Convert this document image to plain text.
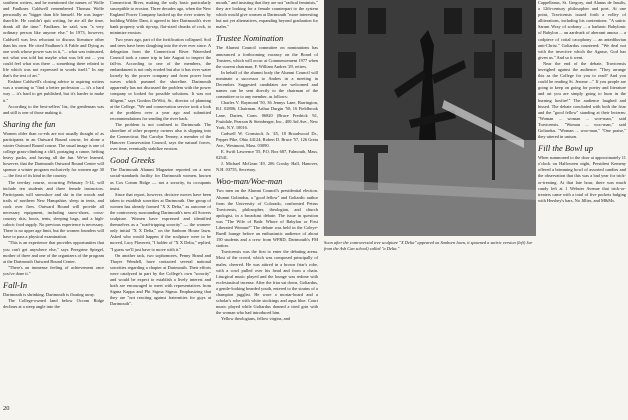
southern writers, and he mentioned the names of Wolfe and Faulkner. Caldwell remembered Thomas Wolfe personally as "bigger than life himself. He was larger-than-life. He couldn't quit writing, he ate all the time, drank all the time." Faulkner, he said, was "a very ordinary person like anyone else." In 1973, however, Caldwell was less reluctant to discuss literature other than his own. He cited Faulkner's A Fable and Dying as one work whose power was in it, "... what was intimated, not what was told but maybe what was left out ... you could feel what was there ... something there related to life which was not expressed in words itself." In any that's the text of art."

Erskine Caldwell's closing advice to aspiring writers was a warning to "find a better profession — it's a hard way ... it's hard to get published, but it's harder to make it."

According to the best-sellers' list, the gentleman was and still is one of those making it.

Sharing the fun

Women older than co-eds are not usually thought of as participants in an Outward Bound course, let alone a winter Outward Bound course. The usual image is one of college grass-climbing a cliff, portaging a canoe, hefting heavy packs, and having all the fun. We've learned, however, that the Dartmouth Outward Bound Center will sponsor a winter program exclusively for women age 30 — the first of its kind in the country.

The ten-day course, occurring February 5-14, will include ten students and three female instructors. Participants will snowshoe and ski in the woods and trails of northern New Hampshire, sleep in tents, and cook over fires. Outward Bound will provide all necessary equipment, including snow-shoes, cross-country skis, boots, tents, sleeping bags, and a high-caloric food supply. No previous experience is necessary. There is no upper age limit, but the women founders will have to pass a physical examination.

"This is an experience that provides opportunities that you can't get anywhere else," says Peregrine Spiegel, mother of three and one of the organizers of the program at the Dartmouth Outward Bound Center.

"There's an immense feeling of achievement once you've done it."

Fall-In

Dartmouth is shrinking. Dartmouth is floating away.

The College-owned land below Occom Ridge declines at a steep angle into the

Connecticut River, making the soily basic particularly susceptible to erosion. Three decades ago, when the New England Power Company backed up the river waters by building Wilder Dam, it agreed to hire Dartmouth's river bank property with rip-rap, flat-sized chunks of rock, to minimize erosion.

Two years ago, part of the fortification collapsed. Soil and trees have been sloughing into the river ever since. A delegation from the Connecticut River Watershed Council took a canoe trip in late August to inspect the fall-in. According to one of the members, the embankment is not only eroded but also it has river water loosely by the power company and from power boat waves which pummel the shoreline. Dartmouth apparently has not discussed the problem with the power company or looked for possible solutions. It was not diligent," says Gordon DeWitt, Sr., director of planning at the College. "We and conservation service took a look at the problem over a year ago and submitted recommendations for sending the river back.

The problem is not confined to Dartmouth. The shoreline of other property owners also is slipping into the Connecticut. But Carolyn Tenney, a member of the Hanover Conservation Council, says the natural forces, over time, eventually stabilize erosion.

Good Greeks

The Dartmouth Alumni Magazine reported on a new social-standards facility for Dartmouth women, known as Cox Comm Ridge — not a sorority, its occupants insist.

Since that report, however, decisive moves have been taken to establish sororities at Dartmouth. One group of women has already formed "X X Delta," as outcome of the controversy surrounding Dartmouth's new all Sowers sculpture. Women have expressed and identified themselves as a "road-tripping sorority" — the women-only initial "X X Delta," on the Sanborn House lawn. Asked who would happen if the sculpture were to be moved, Lucy Flaverett, "I holder of "X X Delta," replied, "I guess we'll just have to move with it."

On another tack, two sophomores, Penny Brand and Thayer Wendell, have contacted several national sororities regarding a chapter at Dartmouth. Their efforts were catalyzed in part by the College's own "sorority" and would be expect to establish a lively interest and both are encouraged to meet with representatives from Sigma Kappa and Phi Sigma Sigma. Emphasizing that they are "not reacting against fraternities for guys at Dartmouth".

mouth," and insisting that they are not "radical feminists," they are looking for a female counterpart to the system which would give women at Dartmouth "more interesting but not yet alternatives, expanding beyond graduation for males."

Trustee Nomination

The Alumni Council committee on nominations has announced a forthcoming vacancy on the Board of Trustees, which will occur at Commencement 1977 when the current chairman, F. William Andres '29, retires.

In behalf of the alumni body the Alumni Council will nominate a successor to Andres in a meeting in December. Suggested candidates are welcomed and names can be sent directly to the chairman of the committee or to any member, as follows:

Charles V. Raymond '50, 36 Jennys Lane, Barrington, R.I. 02806; Chairman. Arthur Durgin '50; 16 Fieldbrook Lane, Darien, Conn. 06820 (Bruce Fredrick '61, Fruitdale, Pearson & Steinberger, Inc., 400 3rd Ave., New York, N.Y. 10016.

Cadwell W. Cornstock Jr. '45, 18 Broadwood Dr., Pepper Pike, Ohio 44124; Robert D. Bruce '57, 126 Greta Ave., Westmont, Mass. 03090.

E. Swift Lawrence '55, P.O. Box 687, Falmouth, Mass. 02541.

J. Michael McGean '49, 206 Crosby Hall, Hanover, N.H. 03755, Secretary.

Woo-man/Woe-man

Two men on the Alumni Council's presidential election. Alumni Goliardus, a "good fellow" and Goliardic author from the University of Colorado, confronted Petrus Travicensis, philosopher, theologian, and church apologist, in a broadcast debate. The issue in question was "The Wife of Bath: Whore of Babylon or First Liberated Woman?" The debate was held in the Coleye-Ruedl lounge before an enthusiastic audience of about 150 students and a crew from WFRD, Dartmouth's FM station.

Travicensis was the first to enter the debating arena. Most of the crowd, which was composed principally of males, cheered. He was attired in a brown friar's robe, with a cowl pulled over his head and from a chain. Liturgical music played and the lounge was redone with ecclesiastical incense. After the friar sat down, Goliardus, a gentle-looking bearded youth, entered to the strains of a champion jugglist. He wore a mortar-board and a scholar's robe with white stockings and aqua blue. Court music played while Goliardus donned a tired grin with the woman who had introduced him.

Yellow theologians, fellow virgins, and

Soon after the controversial tree sculpture "X Delta" appeared on Sanborn lawn, it spawned a satiric version (left) Jar from the Ash Can school) called "a Delta."

Cappellanus, St. Gregory, and Alanus de Insulis, a 12th-century philosopher and poet. At one point, Travicensis issued forth a volley of alliterations, including his contentions: "A satiric Sarum Wray of sodomy ... a barbaric Babylonic of Babylon ... an aardvark of aberrant amour ... a codpiece of coital cacophony ... an antediluvian anti-Christ." Goliardus countered: "We deal not with the invective which the Agasse, God has given us." And so it went.

Near the end of the debate, Travicensis inveighed against the audience: "They arrange this as the College for you to read? And you could be reading St. Jerome ..." If you people are going to keep on going for poetry and literature and art you are simply going to burn in the burning hosfire!" The audience laughed and hissed. The debate concluded with both the friar and the "good fellow" standing at their lecterns: "Woman ... woman ... woe-man," said Travicensis. "Woman ... woo-man," said Goliardus. "Woman ... woo-man," "One praise," they uttered in unison.

Fill the Bowl up

When summoned to the door at approximately 11 o'clock on Halloween night, President Kemeny offered a brimming bowl of assorted candies and the observation that this was a bad year for trick-or-treating. At that late hour, there was much candy left at 1 Webster Avenue that trick-or-treaters came with a total of five pockets bulging with Hershey's bars, No Jillies, and M&Ms.

20
